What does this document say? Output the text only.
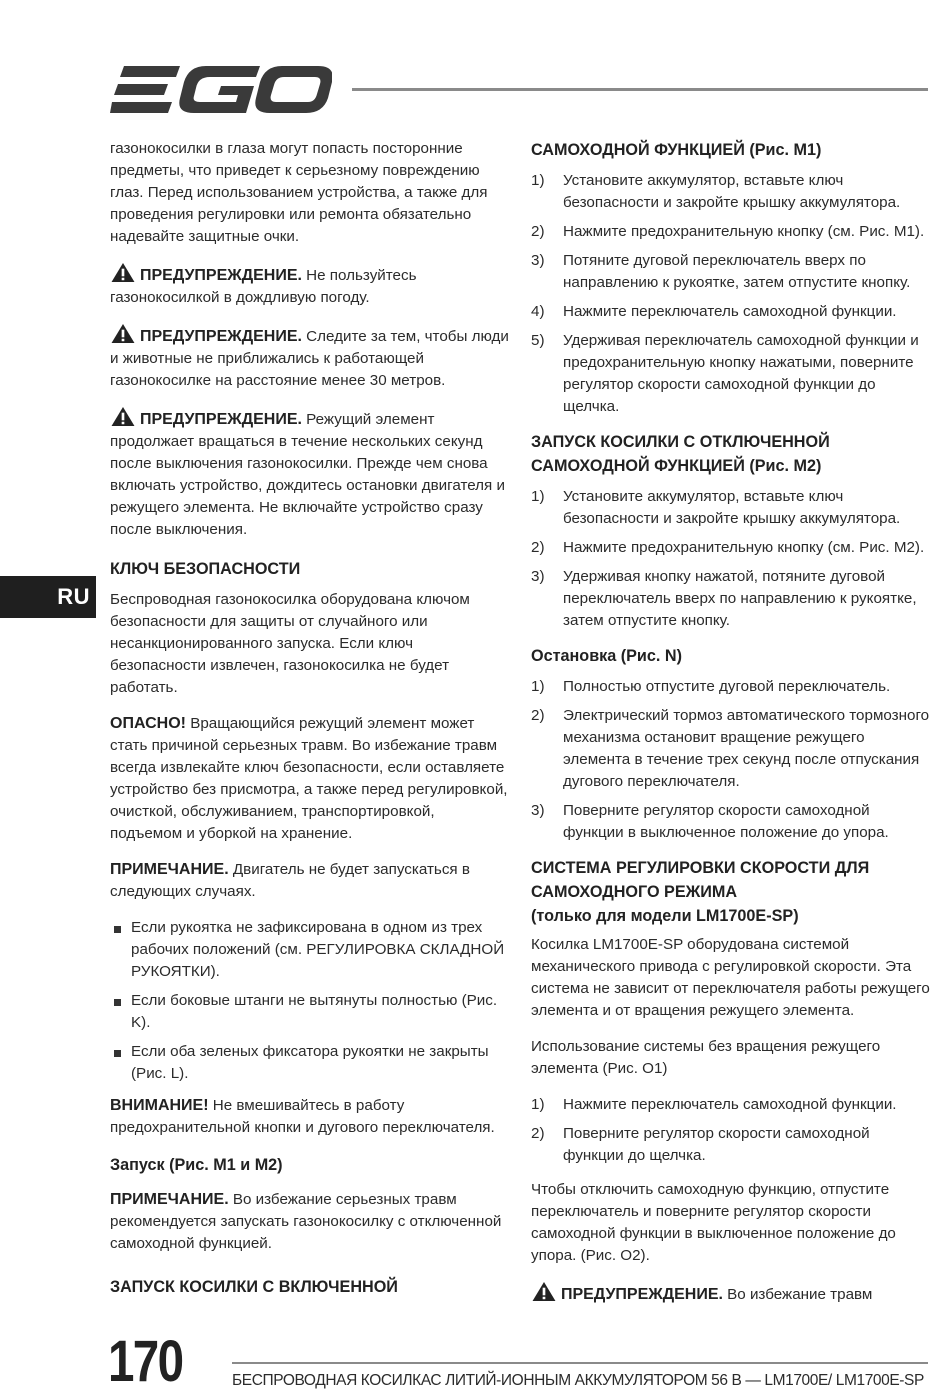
RU

газонокосилки в глаза могут попасть посторонние предметы, что приведет к серьезному повреждению глаз. Перед использованием устройства, а также для проведения регулировки или ремонта обязательно надевайте защитные очки.

ПРЕДУПРЕЖДЕНИЕ. Не пользуйтесь газонокосилкой в дождливую погоду.

ПРЕДУПРЕЖДЕНИЕ. Следите за тем, чтобы люди и животные не приближались к работающей газонокосилке на расстояние менее 30 метров.

ПРЕДУПРЕЖДЕНИЕ. Режущий элемент продолжает вращаться в течение нескольких секунд после выключения газонокосилки. Прежде чем снова включать устройство, дождитесь остановки двигателя и режущего элемента. Не включайте устройство сразу после выключения.

КЛЮЧ БЕЗОПАСНОСТИ

Беспроводная газонокосилка оборудована ключом безопасности для защиты от случайного или несанкционированного запуска. Если ключ безопасности извлечен, газонокосилка не будет работать.

ОПАСНО! Вращающийся режущий элемент может стать причиной серьезных травм. Во избежание травм всегда извлекайте ключ безопасности, если оставляете устройство без присмотра, а также перед регулировкой, очисткой, обслуживанием, транспортировкой, подъемом и уборкой на хранение.

ПРИМЕЧАНИЕ. Двигатель не будет запускаться в следующих случаях.

Если рукоятка не зафиксирована в одном из трех рабочих положений (см. РЕГУЛИРОВКА СКЛАДНОЙ РУКОЯТКИ).
Если боковые штанги не вытянуты полностью (Рис. K).
Если оба зеленых фиксатора рукоятки не закрыты (Рис. L).

ВНИМАНИЕ! Не вмешивайтесь в работу предохранительной кнопки и дугового переключателя.

Запуск (Рис. M1 и M2)

ПРИМЕЧАНИЕ. Во избежание серьезных травм рекомендуется запускать газонокосилку с отключенной самоходной функцией.

ЗАПУСК КОСИЛКИ С ВКЛЮЧЕННОЙ
САМОХОДНОЙ ФУНКЦИЕЙ (Рис. M1)
1) Установите аккумулятор, вставьте ключ безопасности и закройте крышку аккумулятора.
2) Нажмите предохранительную кнопку (см. Рис. M1).
3) Потяните дуговой переключатель вверх по направлению к рукоятке, затем отпустите кнопку.
4) Нажмите переключатель самоходной функции.
5) Удерживая переключатель самоходной функции и предохранительную кнопку нажатыми, поверните регулятор скорости самоходной функции до щелчка.
ЗАПУСК КОСИЛКИ С ОТКЛЮЧЕННОЙ САМОХОДНОЙ ФУНКЦИЕЙ (Рис. M2)
1) Установите аккумулятор, вставьте ключ безопасности и закройте крышку аккумулятора.
2) Нажмите предохранительную кнопку (см. Рис. M2).
3) Удерживая кнопку нажатой, потяните дуговой переключатель вверх по направлению к рукоятке, затем отпустите кнопку.
Остановка (Рис. N)
1) Полностью отпустите дуговой переключатель.
2) Электрический тормоз автоматического тормозного механизма остановит вращение режущего элемента в течение трех секунд после отпускания дугового переключателя.
3) Поверните регулятор скорости самоходной функции в выключенное положение до упора.
СИСТЕМА РЕГУЛИРОВКИ СКОРОСТИ ДЛЯ САМОХОДНОГО РЕЖИМА
(только для модели LM1700E-SP)

Косилка LM1700E-SP оборудована системой механического привода с регулировкой скорости. Эта система не зависит от переключателя работы режущего элемента и от вращения режущего элемента.

Использование системы без вращения режущего элемента (Рис. O1)

1) Нажмите переключатель самоходной функции.
2) Поверните регулятор скорости самоходной функции до щелчка.

Чтобы отключить самоходную функцию, отпустите переключатель и поверните регулятор скорости самоходной функции в выключенное положение до упора. (Рис. O2).

ПРЕДУПРЕЖДЕНИЕ. Во избежание травм

170	БЕСПРОВОДНАЯ КОСИЛКАС ЛИТИЙ-ИОННЫМ АККУМУЛЯТОРОМ 56 В — LM1700E/ LM1700E-SP
